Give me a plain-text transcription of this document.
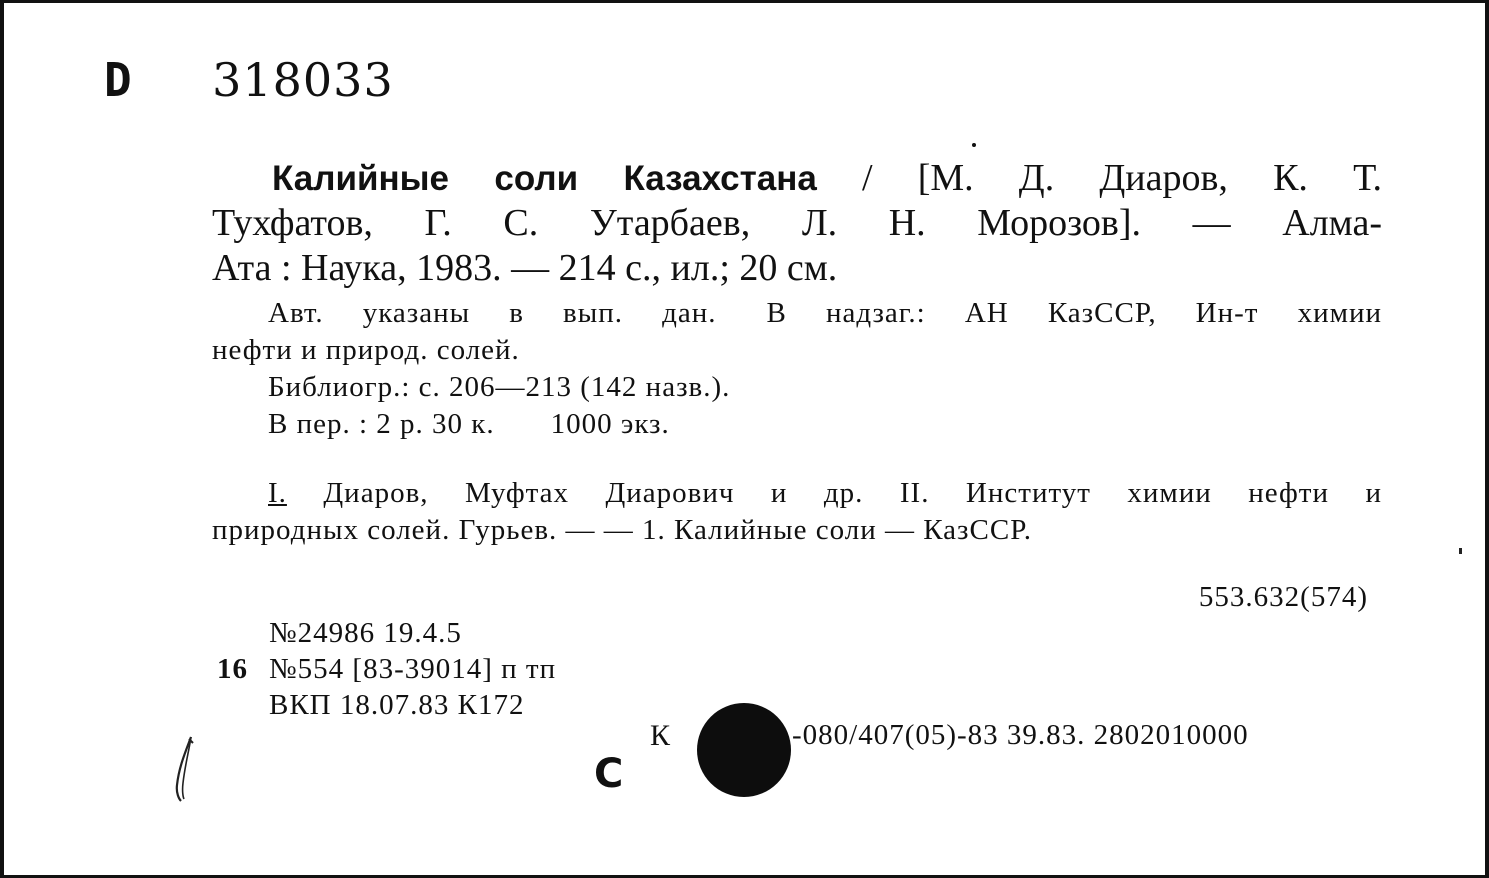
D 318033
Калийные соли Казахстана / [М. Д. Диаров, К. Т.
Тухфатов, Г. С. Утарбаев, Л. Н. Морозов]. — Алма-
Ата : Наука, 1983. — 214 с., ил.; 20 см.
Авт. указаны в вып. дан. В надзаг.: АН КазССР, Ин-т химии
нефти и природ. солей.
Библиогр.: с. 206—213 (142 назв.).
В пер. : 2 р. 30 к. 1000 экз.
I. Диаров, Муфтах Диарович и др. II. Институт химии нефти и
природных солей. Гурьев. — — 1. Калийные соли — КазССР.
553.632(574)
№24986 19.4.5
16 №554 [83-39014] п тп
ВКП 18.07.83 К172
К	-080/407(05)-83 39.83. 2802010000
С
